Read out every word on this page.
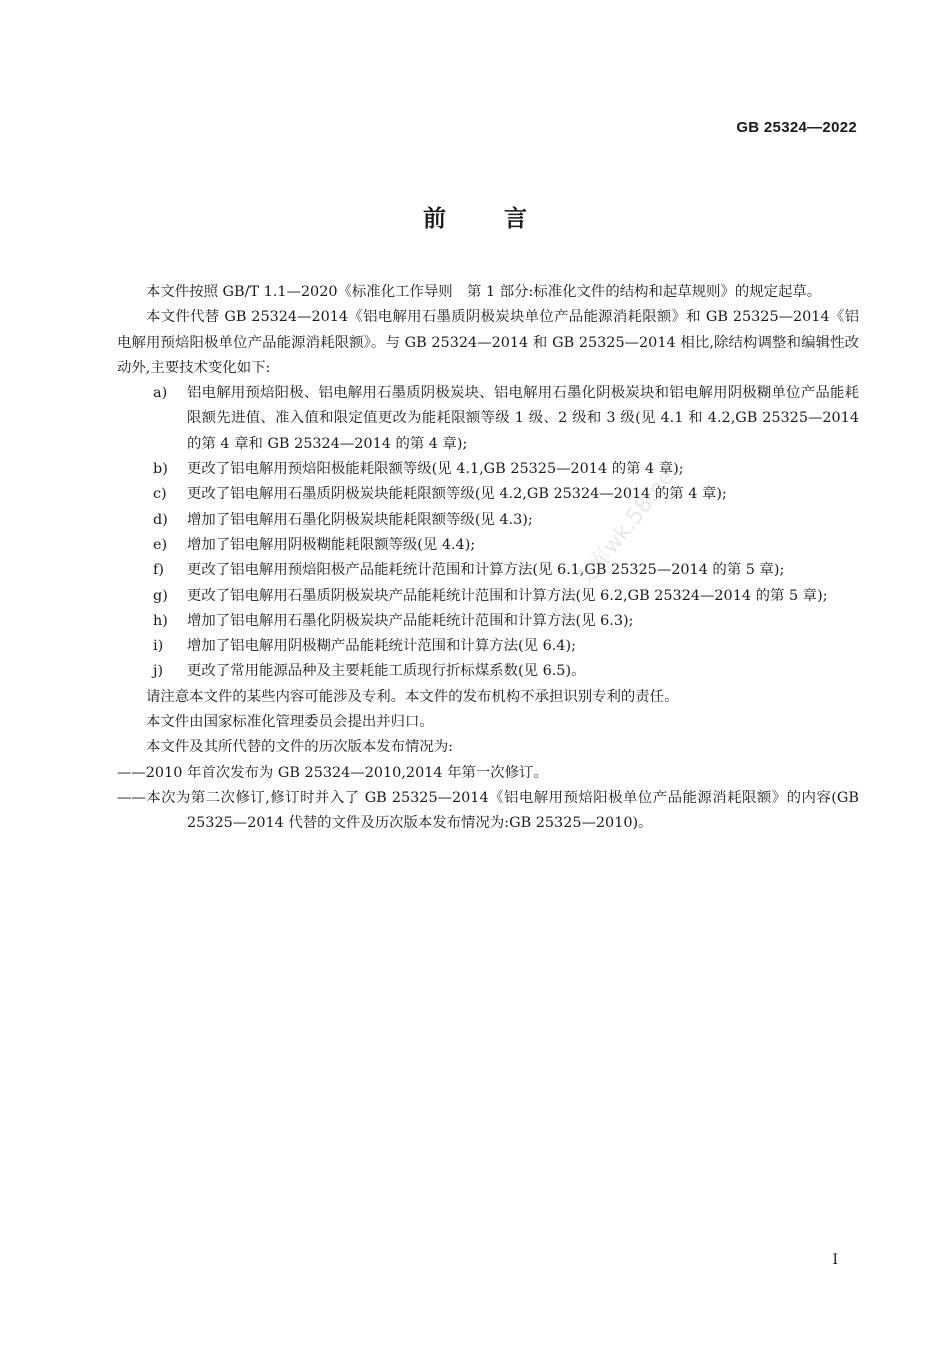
GB 25324—2022
前言

本文件按照 GB/T 1.1—2020《标准化工作导则　第 1 部分:标准化文件的结构和起草规则》的规定起草。

本文件代替 GB 25324—2014《铝电解用石墨质阴极炭块单位产品能源消耗限额》和 GB 25325—2014《铝电解用预焙阳极单位产品能源消耗限额》。与 GB 25324—2014 和 GB 25325—2014 相比,除结构调整和编辑性改动外,主要技术变化如下:

a) 铝电解用预焙阳极、铝电解用石墨质阴极炭块、铝电解用石墨化阴极炭块和铝电解用阴极糊单位产品能耗限额先进值、准入值和限定值更改为能耗限额等级 1 级、2 级和 3 级(见 4.1 和 4.2,GB 25325—2014 的第 4 章和 GB 25324—2014 的第 4 章);

b) 更改了铝电解用预焙阳极能耗限额等级(见 4.1,GB 25325—2014 的第 4 章);

c) 更改了铝电解用石墨质阴极炭块能耗限额等级(见 4.2,GB 25324—2014 的第 4 章);

d) 增加了铝电解用石墨化阴极炭块能耗限额等级(见 4.3);

e) 增加了铝电解用阴极糊能耗限额等级(见 4.4);

f) 更改了铝电解用预焙阳极产品能耗统计范围和计算方法(见 6.1,GB 25325—2014 的第 5 章);

g) 更改了铝电解用石墨质阴极炭块产品能耗统计范围和计算方法(见 6.2,GB 25324—2014 的第 5 章);

h) 增加了铝电解用石墨化阴极炭块产品能耗统计范围和计算方法(见 6.3);

i) 增加了铝电解用阴极糊产品能耗统计范围和计算方法(见 6.4);

j) 更改了常用能源品种及主要耗能工质现行折标煤系数(见 6.5)。

请注意本文件的某些内容可能涉及专利。本文件的发布机构不承担识别专利的责任。

本文件由国家标准化管理委员会提出并归口。

本文件及其所代替的文件的历次版本发布情况为:

——2010 年首次发布为 GB 25324—2010,2014 年第一次修订。

——本次为第二次修订,修订时并入了 GB 25325—2014《铝电解用预焙阳极单位产品能源消耗限额》的内容(GB 25325—2014 代替的文件及历次版本发布情况为:GB 25325—2010)。

五八文库wk.58.net
I
